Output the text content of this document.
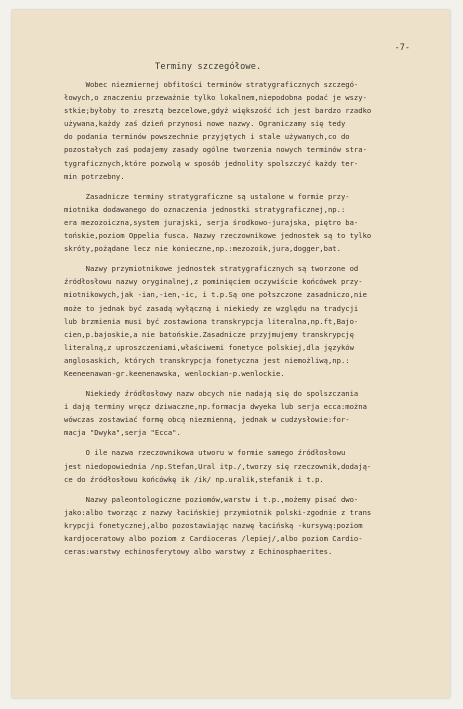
-7-
Terminy szczegółowe.
Wobec niezmiernej obfitości terminów stratygraficznych szczegó-
łowych,o znaczeniu przeważnie tylko lokalnem,niepodobna podać je wszy-
stkie;byłoby to zresztą bezcelowe,gdyż większość ich jest bardzo rzadko
używana,każdy zaś dzień przynosi nowe nazwy. Ograniczamy się tedy
do podania terminów powszechnie przyjętych i stale używanych,co do
pozostałych zaś podajemy zasady ogólne tworzenia nowych terminów stra-
tygraficznych,które pozwolą w sposób jednolity spolszczyć każdy ter-
min potrzebny.
Zasadnicze terminy stratygraficzne są ustalone w formie przy-
miotnika dodawanego do oznaczenia jednostki stratygraficznej,np.:
era mezozoiczna,system jurajski, serja środkowo-jurajska, piętro ba-
tońskie,poziom Oppelia fusca. Nazwy rzeczownikowe jednostek są to tylko
skróty,pożądane lecz nie konieczne,np.:mezozoik,jura,dogger,bat.
Nazwy przymiotnikowe jednostek stratygraficznych są tworzone od
źródłosłowu nazwy oryginalnej,z pominięciem oczywiście końcówek przy-
miotnikowych,jak -ian,-ien,-ic, i t.p.Są one połszczone zasadniczo,nie
może to jednak być zasadą wyłączną i niekiedy ze względu na tradycji
lub brzmienia musi być zostawiona transkrypcja literalna,np.ft,Bajo-
cien,p.bajoskie,a nie batońskie.Zasadnicze przyjmujemy transkrypcję
literalną,z uproszczeniami,właściwemi fonetyce polskiej,dla języków
anglosaskich, których transkrypcja fonetyczna jest niemożliwą,np.:
Keeneenawan-gr.keenenawska, wenlockian-p.wenlockie.
Niekiedy źródłosłowy nazw obcych nie nadają się do spolszczania
i dają terminy wręcz dziwaczne,np.formacja dwyeka lub serja ecca:można
wówczas zostawiać formę obcą niezmienną, jednak w cudzysłowie:for-
macja "Dwyka",serja "Ecca".
O ile nazwa rzeczownikowa utworu w formie samego źródłosłowu
jest niedopowiednia /np.Stefan,Ural itp./,tworzy się rzeczownik,dodają-
ce do źródłosłowu końcówkę ik /ik/ np.uralik,stefanik i t.p.
Nazwy paleontologiczne poziomów,warstw i t.p.,możemy pisać dwo-
jako:albo tworząc z nazwy łacińskiej przymiotnik polski-zgodnie z trans
krypcji fonetycznej,albo pozostawiając nazwę łacińską -kursywą:poziom
kardjoceratowy albo poziom z Cardioceras /lepiej/,albo poziom Cardio-
ceras:warstwy echinosferytowy albo warstwy z Echinosphaerites.
